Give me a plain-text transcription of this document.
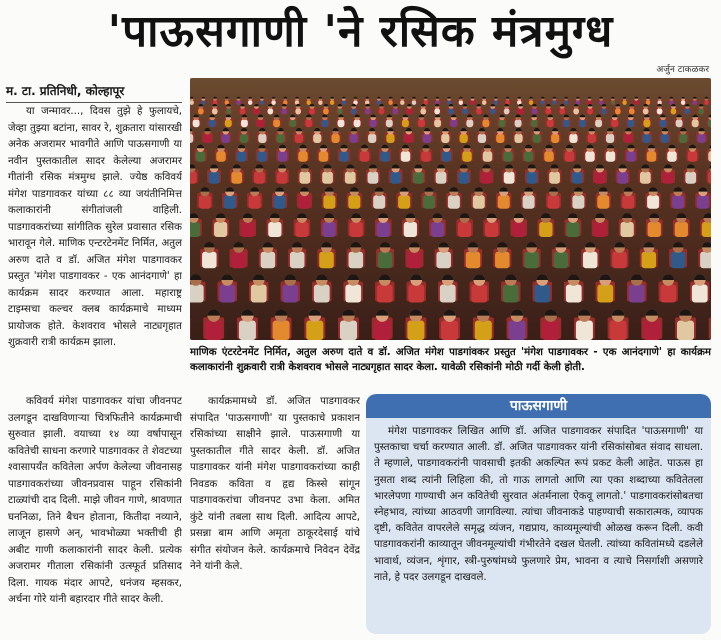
'पाऊसगाणी 'ने रसिक मंत्रमुग्ध
अर्जुन टाकळकर
म. टा. प्रतिनिधी, कोल्हापूर

या जन्मावर..., दिवस तुझे हे फुलायचे, जेव्हा तुझ्या बटांना, सावर रे, शुक्रतारा यांसारखी अनेक अजरामर भावगीते आणि पाऊसगाणी या नवीन पुस्तकातील सादर केलेल्या अजरामर गीतांनी रसिक मंत्रमुग्ध झाले. ज्येष्ठ कविवर्य मंगेश पाडगावकर यांच्या ८८ व्या जयंतीनिमित्त कलाकारांनी संगीतांजली वाहिली. पाडगावकरांच्या सांगीतिक सुरेल प्रवासात रसिक भारावून गेले. माणिक एन्टरटेनमेंट निर्मित, अतुल अरुण दाते व डॉ. अजित मंगेश पाडगावकर प्रस्तुत 'मंगेश पाडगावकर - एक आनंदगाणे' हा कार्यक्रम सादर करण्यात आला. महाराष्ट्र टाइम्सचा कल्चर क्लब कार्यक्रमाचे माध्यम प्रायोजक होते. केशवराव भोसले नाट्यगृहात शुक्रवारी रात्री कार्यक्रम झाला.

कविवर्य मंगेश पाडगावकर यांचा जीवनपट उलगडून दाखविणाऱ्या चित्रफितीने कार्यक्रमाची सुरुवात झाली. वयाच्या १४ व्या वर्षापासून कवितेची साधना करणारे पाडगावकर ते शेवटच्या श्वासापर्यंत कवितेला अर्पण केलेल्या जीवनासह पाडगावकरांच्या जीवनप्रवास पाहून रसिकांनी टाळ्यांची दाद दिली. माझे जीवन गाणे, श्रावणात घननिळा, तिने बैचन होताना, कितीदा नव्याने, लाजून हासणे अन्, भावभोळ्या भक्तीची ही अबीट गाणी कलाकारांनी सादर केली. प्रत्येक अजरामर गीताला रसिकांनी उत्स्फूर्त प्रतिसाद दिला. गायक मंदार आपटे, धनंजय म्हसकर, अर्चना गोरे यांनी बहारदार गीते सादर केली.

कार्यक्रमामध्ये डॉ. अजित पाडगावकर संपादित 'पाऊसगाणी' या पुस्तकाचे प्रकाशन रसिकांच्या साक्षीने झाले. पाऊसगाणी या पुस्तकातील गीते सादर केली. डॉ. अजित पाडगावकर यांनी मंगेश पाडगावकरांच्या काही निवडक कविता व हृद्य किस्से सांगून पाडगावकरांचा जीवनपट उभा केला. अमित कुंटे यांनी तबला साथ दिली. आदित्य आपटे, प्रसन्ना बाम आणि अमृता ठाकूरदेसाई यांचे संगीत संयोजन केले. कार्यक्रमाचे निवेदन देवेंद्र नेने यांनी केले.

माणिक एंटरटेनमेंट निर्मित, अतुल अरुण दाते व डॉ. अजित मंगेश पाडगांवकर प्रस्तुत 'मंगेश पाडगावकर - एक आनंदगाणे' हा कार्यक्रम कलाकारांनी शुक्रवारी रात्री केशवराव भोसले नाट्यगृहात सादर केला. यावेळी रसिकांनी मोठी गर्दी केली होती.
पाऊसगाणी
मंगेश पाडगावकर लिखित आणि डॉ. अजित पाडगावकर संपादित 'पाऊसगाणी' या पुस्तकाचा चर्चा करण्यात आली. डॉ. अजित पाडगावकर यांनी रसिकांसोबत संवाद साधला. ते म्हणाले, पाडगावकरांनी पावसाची इतकी अकल्पित रूपं प्रकट केली आहेत. पाऊस हा नुसता शब्द त्यांनी लिहिला की, तो गाऊ लागतो आणि त्या एका शब्दाच्या कवितेतला भारलेपणा गाण्याची अन कवितेची सुरवात अंतर्मनाला ऐकवू लागतो.' पाडगावकरांसोबतचा स्नेहभाव, त्यांच्या आठवणी जागविल्या. त्यांचा जीवनाकडे पाहण्याची सकारात्मक, व्यापक दृष्टी, कवितेत वापरलेले समृद्ध व्यंजन, गद्यप्राय, काव्यमूल्यांची ओळख करून दिली. कवी पाडगावकरांनी काव्यातून जीवनमूल्यांची गंभीरतेने दखल घेतली. त्यांच्या कवितांमध्ये दडलेले भावार्थ, व्यंजन, शृंगार, स्त्री-पुरुषांमध्ये फुलणारे प्रेम, भावना व त्याचे निसर्गाशी असणारे नाते, हे पदर उलगडून दाखवले.
